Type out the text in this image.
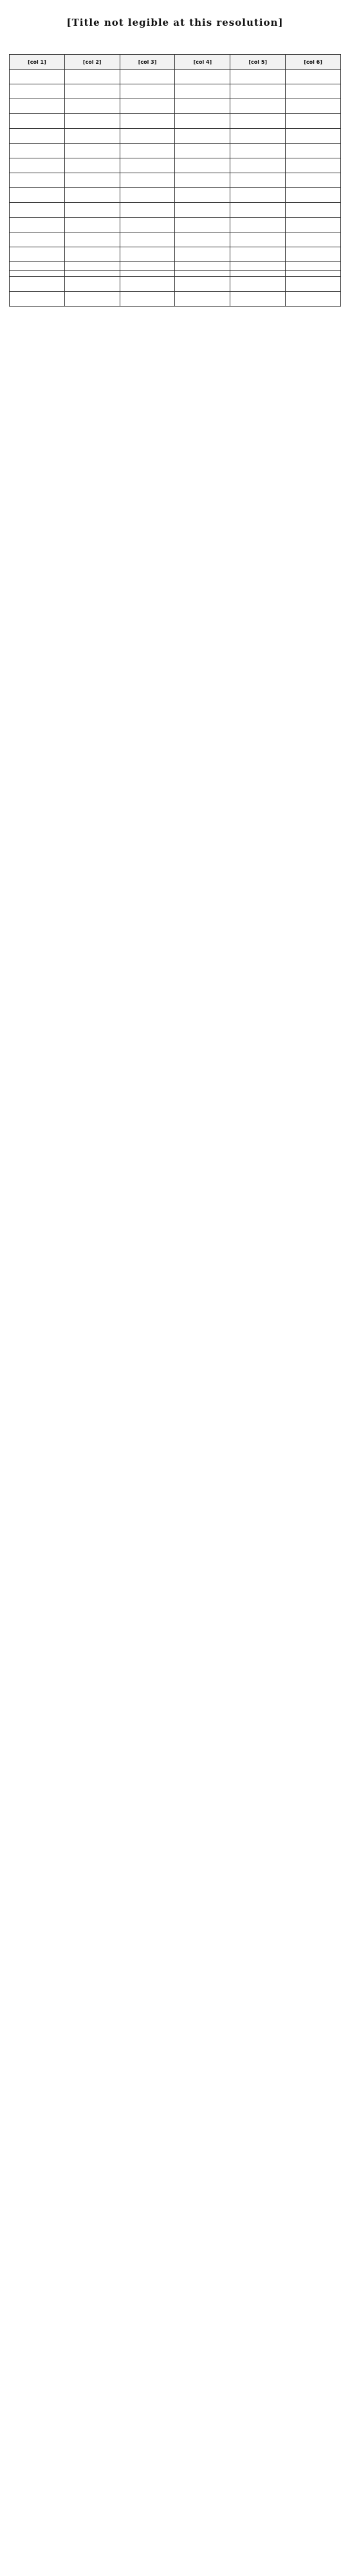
[Title not legible at this resolution]
[col 1]	[col 2]	[col 3]	[col 4]	[col 5]	[col 6]
